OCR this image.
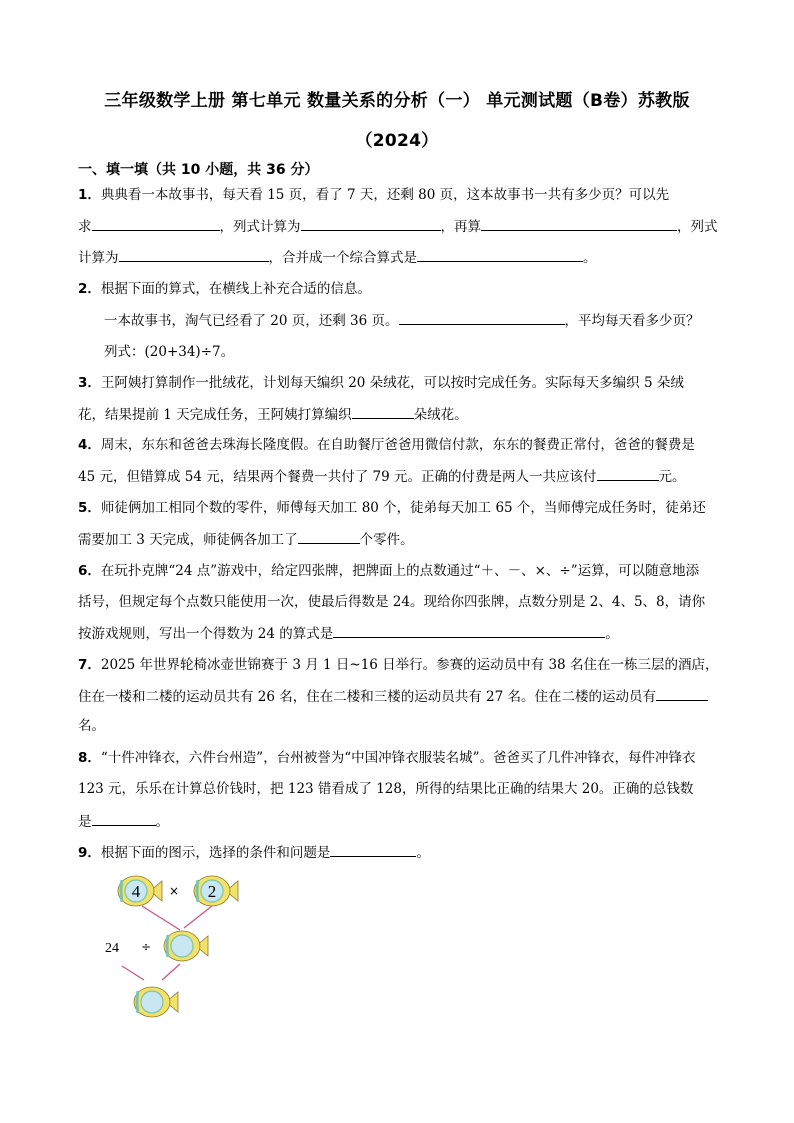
三年级数学上册 第七单元 数量关系的分析（一） 单元测试题（B卷）苏教版
（2024）
一、填一填（共 10 小题，共 36 分）
1．典典看一本故事书，每天看 15 页，看了 7 天，还剩 80 页，这本故事书一共有多少页？可以先
求	，列式计算为	，再算	，列式
计算为	，合并成一个综合算式是	。
2．根据下面的算式，在横线上补充合适的信息。
一本故事书，淘气已经看了 20 页，还剩 36 页。	，平均每天看多少页？
列式：(20+34)÷7。
3．王阿姨打算制作一批绒花，计划每天编织 20 朵绒花，可以按时完成任务。实际每天多编织 5 朵绒
花，结果提前 1 天完成任务，王阿姨打算编织	朵绒花。
4．周末，东东和爸爸去珠海长隆度假。在自助餐厅爸爸用微信付款，东东的餐费正常付，爸爸的餐费是
45 元，但错算成 54 元，结果两个餐费一共付了 79 元。正确的付费是两人一共应该付	元。
5．师徒俩加工相同个数的零件，师傅每天加工 80 个，徒弟每天加工 65 个，当师傅完成任务时，徒弟还
需要加工 3 天完成，师徒俩各加工了	个零件。
6．在玩扑克牌“24 点”游戏中，给定四张牌，把牌面上的点数通过“＋、－、×、÷”运算，可以随意地添
括号，但规定每个点数只能使用一次，使最后得数是 24。现给你四张牌，点数分别是 2、4、5、8，请你
按游戏规则，写出一个得数为 24 的算式是	。
7．2025 年世界轮椅冰壶世锦赛于 3 月 1 日~16 日举行。参赛的运动员中有 38 名住在一栋三层的酒店，
住在一楼和二楼的运动员共有 26 名，住在二楼和三楼的运动员共有 27 名。住在二楼的运动员有
名。
8．“十件冲锋衣，六件台州造”，台州被誉为“中国冲锋衣服装名城”。爸爸买了几件冲锋衣，每件冲锋衣
123 元，乐乐在计算总价钱时，把 123 错看成了 128，所得的结果比正确的结果大 20。正确的总钱数
是	。
9．根据下面的图示，选择的条件和问题是	。
4 × 2
24 ÷
